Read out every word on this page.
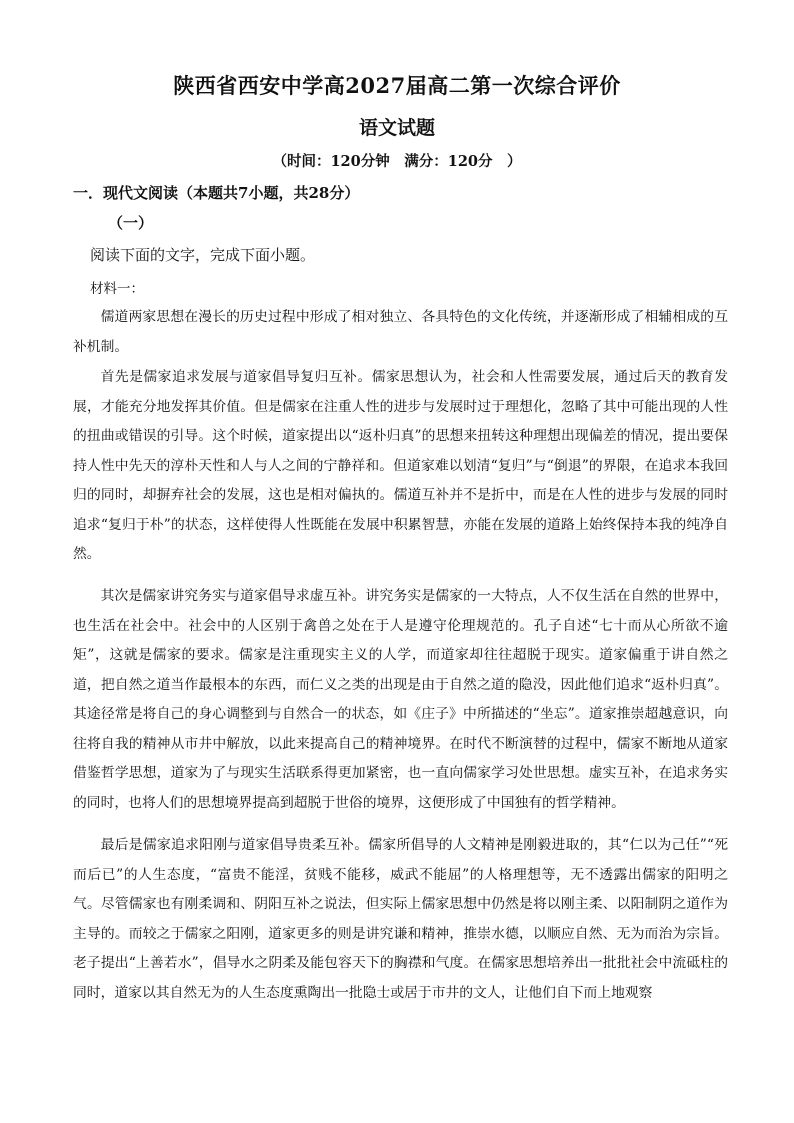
陕西省西安中学高2027届高二第一次综合评价
语文试题
（时间：120分钟　满分：120分　）
一．现代文阅读（本题共7小题，共28分）
（一）
阅读下面的文字，完成下面小题。
材料一：

儒道两家思想在漫长的历史过程中形成了相对独立、各具特色的文化传统，并逐渐形成了相辅相成的互补机制。

首先是儒家追求发展与道家倡导复归互补。儒家思想认为，社会和人性需要发展，通过后天的教育发展，才能充分地发挥其价值。但是儒家在注重人性的进步与发展时过于理想化，忽略了其中可能出现的人性的扭曲或错误的引导。这个时候，道家提出以“返朴归真”的思想来扭转这种理想出现偏差的情况，提出要保持人性中先天的淳朴天性和人与人之间的宁静祥和。但道家难以划清“复归”与“倒退”的界限，在追求本我回归的同时，却摒弃社会的发展，这也是相对偏执的。儒道互补并不是折中，而是在人性的进步与发展的同时追求“复归于朴”的状态，这样使得人性既能在发展中积累智慧，亦能在发展的道路上始终保持本我的纯净自然。

其次是儒家讲究务实与道家倡导求虚互补。讲究务实是儒家的一大特点，人不仅生活在自然的世界中，也生活在社会中。社会中的人区别于禽兽之处在于人是遵守伦理规范的。孔子自述“七十而从心所欲不逾矩”，这就是儒家的要求。儒家是注重现实主义的人学，而道家却往往超脱于现实。道家偏重于讲自然之道，把自然之道当作最根本的东西，而仁义之类的出现是由于自然之道的隐没，因此他们追求“返朴归真”。其途径常是将自己的身心调整到与自然合一的状态，如《庄子》中所描述的“坐忘”。道家推崇超越意识，向往将自我的精神从市井中解放，以此来提高自己的精神境界。在时代不断演替的过程中，儒家不断地从道家借鉴哲学思想，道家为了与现实生活联系得更加紧密，也一直向儒家学习处世思想。虚实互补，在追求务实的同时，也将人们的思想境界提高到超脱于世俗的境界，这便形成了中国独有的哲学精神。

最后是儒家追求阳刚与道家倡导贵柔互补。儒家所倡导的人文精神是刚毅进取的，其“仁以为己任”“死而后已”的人生态度，“富贵不能淫，贫贱不能移，威武不能屈”的人格理想等，无不透露出儒家的阳明之气。尽管儒家也有刚柔调和、阴阳互补之说法，但实际上儒家思想中仍然是将以刚主柔、以阳制阴之道作为主导的。而较之于儒家之阳刚，道家更多的则是讲究谦和精神，推崇水德，以顺应自然、无为而治为宗旨。老子提出“上善若水”，倡导水之阴柔及能包容天下的胸襟和气度。在儒家思想培养出一批批社会中流砥柱的同时，道家以其自然无为的人生态度熏陶出一批隐士或居于市井的文人，让他们自下而上地观察
